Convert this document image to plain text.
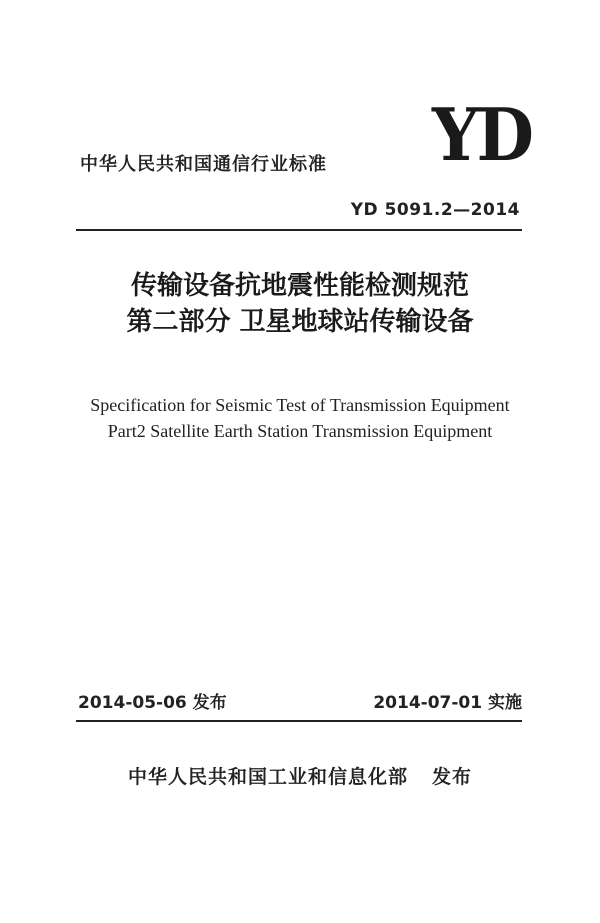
YD
中华人民共和国通信行业标准
YD 5091.2—2014
传输设备抗地震性能检测规范
第二部分 卫星地球站传输设备
Specification for Seismic Test of Transmission Equipment
Part2 Satellite Earth Station Transmission Equipment
2014-05-06 发布	2014-07-01 实施
中华人民共和国工业和信息化部 发布
